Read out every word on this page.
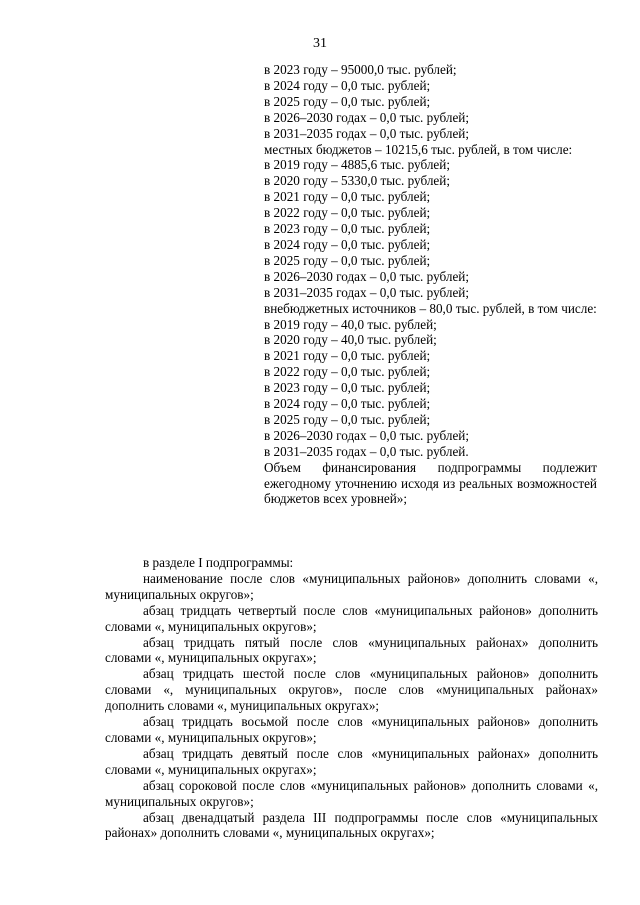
31
в 2023 году – 95000,0 тыс. рублей;
в 2024 году – 0,0 тыс. рублей;
в 2025 году – 0,0 тыс. рублей;
в 2026–2030 годах – 0,0 тыс. рублей;
в 2031–2035 годах – 0,0 тыс. рублей;
местных бюджетов – 10215,6 тыс. рублей, в том числе:
в 2019 году – 4885,6 тыс. рублей;
в 2020 году – 5330,0 тыс. рублей;
в 2021 году – 0,0 тыс. рублей;
в 2022 году – 0,0 тыс. рублей;
в 2023 году – 0,0 тыс. рублей;
в 2024 году – 0,0 тыс. рублей;
в 2025 году – 0,0 тыс. рублей;
в 2026–2030 годах – 0,0 тыс. рублей;
в 2031–2035 годах – 0,0 тыс. рублей;
внебюджетных источников – 80,0 тыс. рублей, в том числе:
в 2019 году – 40,0 тыс. рублей;
в 2020 году – 40,0 тыс. рублей;
в 2021 году – 0,0 тыс. рублей;
в 2022 году – 0,0 тыс. рублей;
в 2023 году – 0,0 тыс. рублей;
в 2024 году – 0,0 тыс. рублей;
в 2025 году – 0,0 тыс. рублей;
в 2026–2030 годах – 0,0 тыс. рублей;
в 2031–2035 годах – 0,0 тыс. рублей.
Объем финансирования подпрограммы подлежит ежегодному уточнению исходя из реальных возможностей бюджетов всех уровней»;

в разделе I подпрограммы:

наименование после слов «муниципальных районов» дополнить словами «, муниципальных округов»;

абзац тридцать четвертый после слов «муниципальных районов» дополнить словами «, муниципальных округов»;

абзац тридцать пятый после слов «муниципальных районах» дополнить словами «, муниципальных округах»;

абзац тридцать шестой после слов «муниципальных районов» дополнить словами «, муниципальных округов», после слов «муниципальных районах» дополнить словами «, муниципальных округах»;

абзац тридцать восьмой после слов «муниципальных районов» дополнить словами «, муниципальных округов»;

абзац тридцать девятый после слов «муниципальных районах» дополнить словами «, муниципальных округах»;

абзац сороковой после слов «муниципальных районов» дополнить словами «, муниципальных округов»;

абзац двенадцатый раздела III подпрограммы после слов «муниципальных районах» дополнить словами «, муниципальных округах»;
